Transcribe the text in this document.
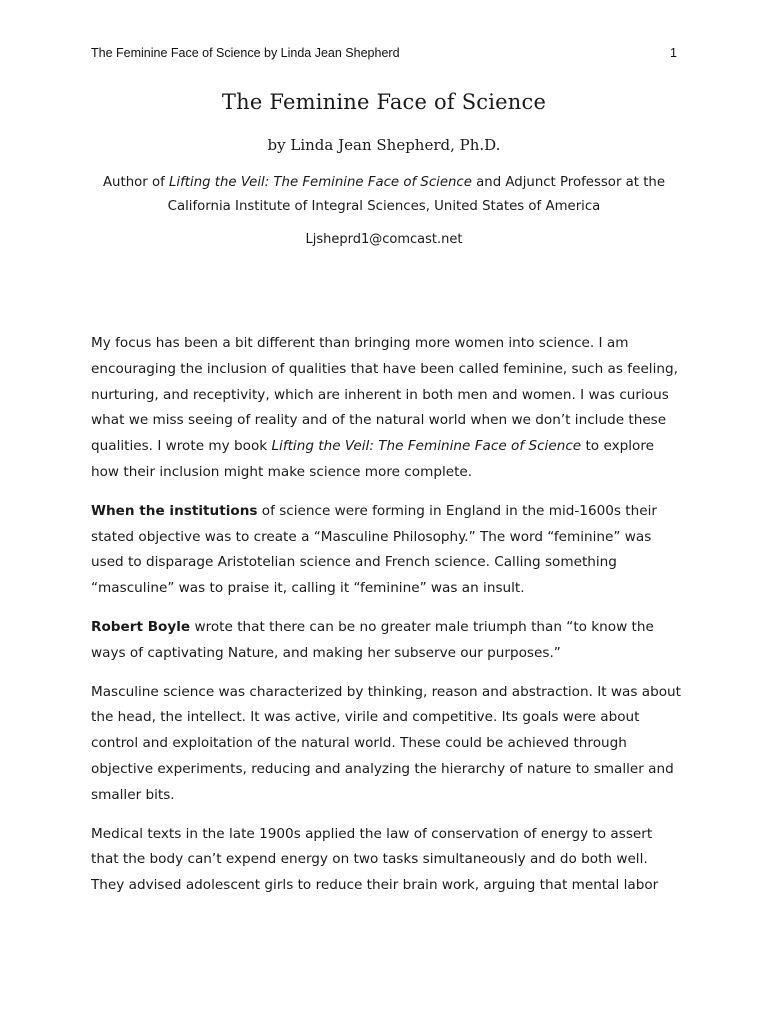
The Feminine Face of Science by Linda Jean Shepherd	1
The Feminine Face of Science
by Linda Jean Shepherd, Ph.D.
Author of Lifting the Veil: The Feminine Face of Science and Adjunct Professor at the
California Institute of Integral Sciences, United States of America
Ljsheprd1@comcast.net

My focus has been a bit different than bringing more women into science. I am encouraging the inclusion of qualities that have been called feminine, such as feeling, nurturing, and receptivity, which are inherent in both men and women. I was curious what we miss seeing of reality and of the natural world when we don’t include these qualities. I wrote my book Lifting the Veil: The Feminine Face of Science to explore how their inclusion might make science more complete.

When the institutions of science were forming in England in the mid-1600s their stated objective was to create a “Masculine Philosophy.” The word “feminine” was used to disparage Aristotelian science and French science. Calling something “masculine” was to praise it, calling it “feminine” was an insult.

Robert Boyle wrote that there can be no greater male triumph than “to know the ways of captivating Nature, and making her subserve our purposes.”

Masculine science was characterized by thinking, reason and abstraction. It was about the head, the intellect. It was active, virile and competitive. Its goals were about control and exploitation of the natural world. These could be achieved through objective experiments, reducing and analyzing the hierarchy of nature to smaller and smaller bits.

Medical texts in the late 1900s applied the law of conservation of energy to assert that the body can’t expend energy on two tasks simultaneously and do both well. They advised adolescent girls to reduce their brain work, arguing that mental labor
